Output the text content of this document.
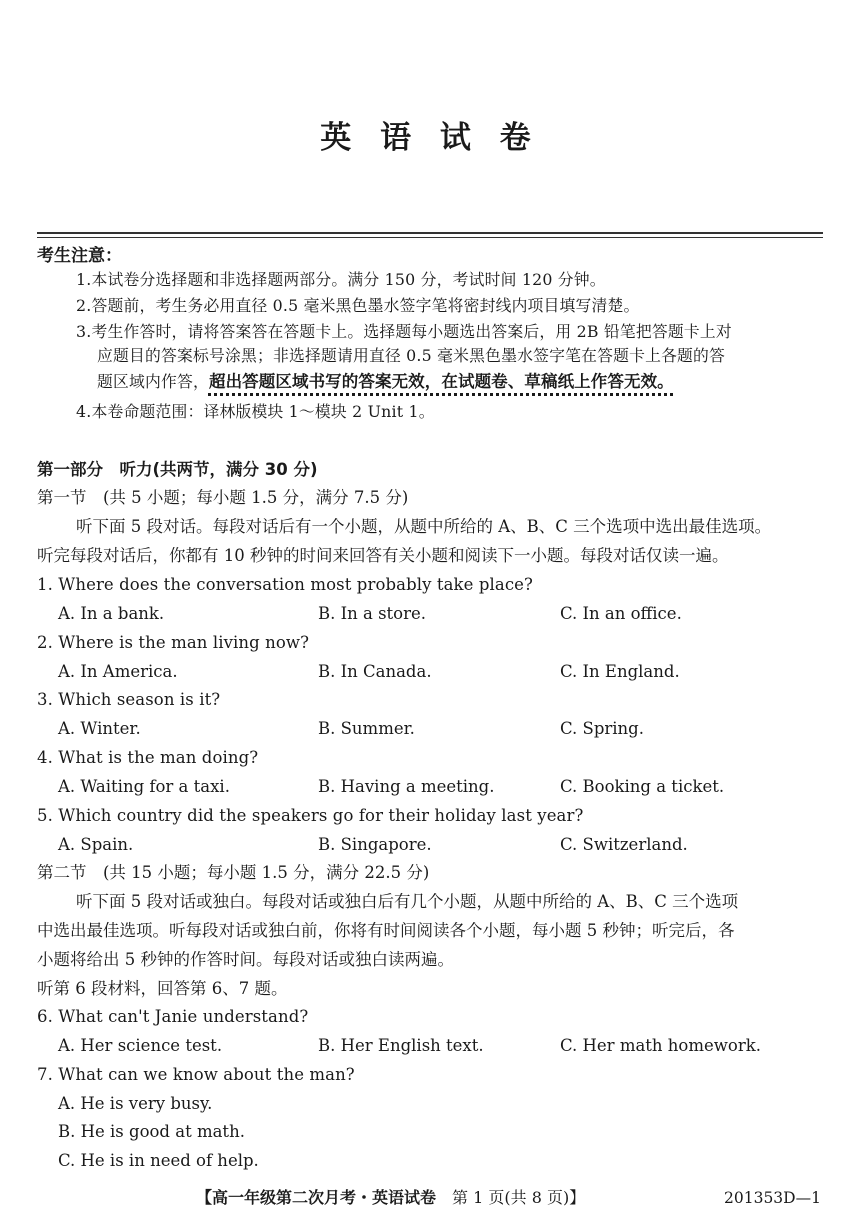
英 语 试 卷
考生注意：
1.本试卷分选择题和非选择题两部分。满分 150 分，考试时间 120 分钟。
2.答题前，考生务必用直径 0.5 毫米黑色墨水签字笔将密封线内项目填写清楚。
3.考生作答时，请将答案答在答题卡上。选择题每小题选出答案后，用 2B 铅笔把答题卡上对
应题目的答案标号涂黑；非选择题请用直径 0.5 毫米黑色墨水签字笔在答题卡上各题的答
题区域内作答，超出答题区域书写的答案无效，在试题卷、草稿纸上作答无效。
4.本卷命题范围：译林版模块 1～模块 2 Unit 1。
第一部分　听力(共两节，满分 30 分)
第一节　(共 5 小题；每小题 1.5 分，满分 7.5 分)
听下面 5 段对话。每段对话后有一个小题，从题中所给的 A、B、C 三个选项中选出最佳选项。
听完每段对话后，你都有 10 秒钟的时间来回答有关小题和阅读下一小题。每段对话仅读一遍。
1. Where does the conversation most probably take place?
A. In a bank.	B. In a store.	C. In an office.
2. Where is the man living now?
A. In America.	B. In Canada.	C. In England.
3. Which season is it?
A. Winter.	B. Summer.	C. Spring.
4. What is the man doing?
A. Waiting for a taxi.	B. Having a meeting.	C. Booking a ticket.
5. Which country did the speakers go for their holiday last year?
A. Spain.	B. Singapore.	C. Switzerland.
第二节　(共 15 小题；每小题 1.5 分，满分 22.5 分)
听下面 5 段对话或独白。每段对话或独白后有几个小题，从题中所给的 A、B、C 三个选项
中选出最佳选项。听每段对话或独白前，你将有时间阅读各个小题，每小题 5 秒钟；听完后，各
小题将给出 5 秒钟的作答时间。每段对话或独白读两遍。
听第 6 段材料，回答第 6、7 题。
6. What can't Janie understand?
A. Her science test.	B. Her English text.	C. Her math homework.
7. What can we know about the man?
A. He is very busy.
B. He is good at math.
C. He is in need of help.
【高一年级第二次月考・英语试卷　第 1 页(共 8 页)】	201353D—1
